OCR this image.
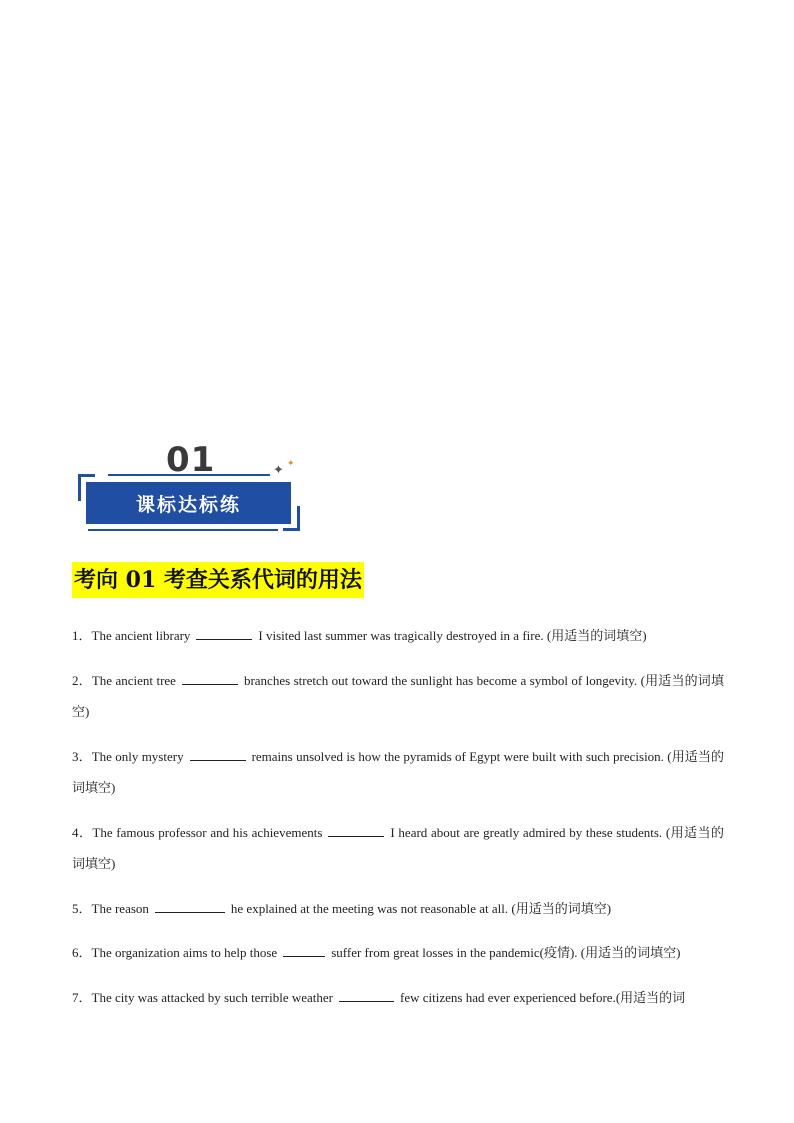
01	✦ ✦
课标达标练
考向 01 考查关系代词的用法
1．The ancient library	I visited last summer was tragically destroyed in a fire. (用适当的词填空)
2．The ancient tree	branches stretch out toward the sunlight has become a symbol of longevity. (用适当的词填空)
3．The only mystery	remains unsolved is how the pyramids of Egypt were built with such precision. (用适当的词填空)
4．The famous professor and his achievements	I heard about are greatly admired by these students. (用适当的词填空)
5．The reason	he explained at the meeting was not reasonable at all. (用适当的词填空)
6．The organization aims to help those	suffer from great losses in the pandemic(疫情). (用适当的词填空)
7．The city was attacked by such terrible weather	few citizens had ever experienced before.(用适当的词
